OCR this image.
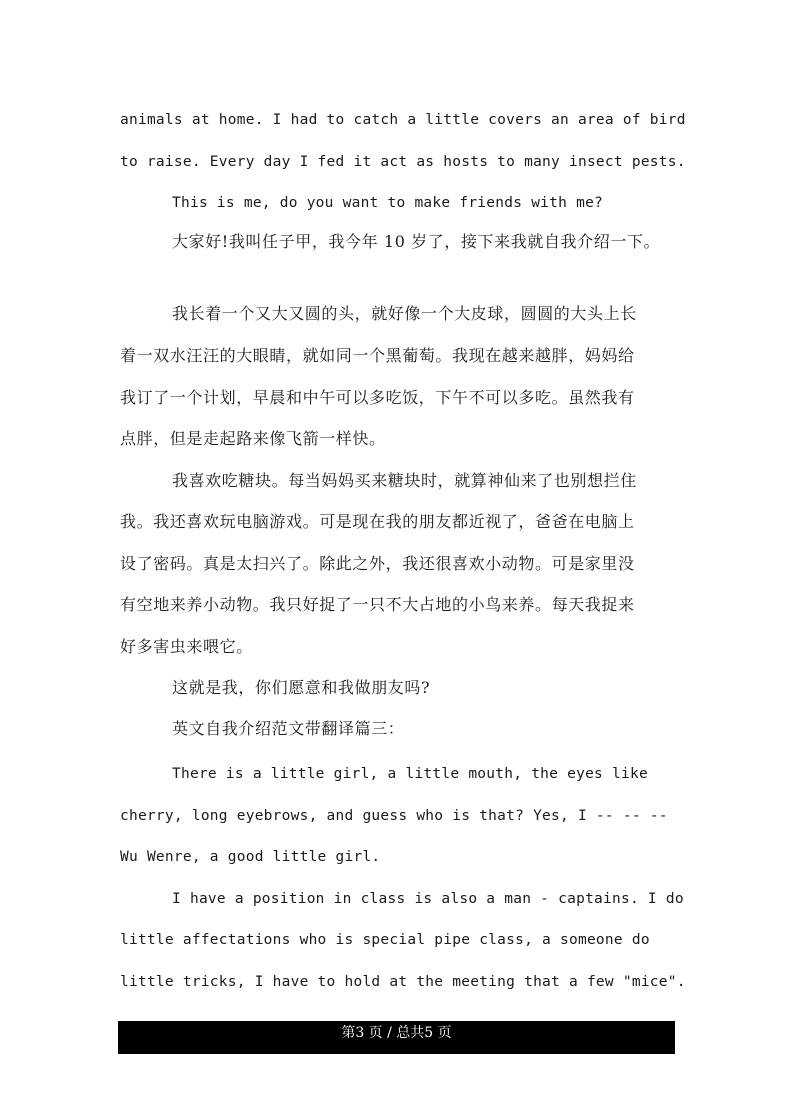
animals at home. I had to catch a little covers an area of bird
to raise. Every day I fed it act as hosts to many insect pests.
This is me, do you want to make friends with me?
大家好!我叫任子甲，我今年 10 岁了，接下来我就自我介绍一下。
我长着一个又大又圆的头，就好像一个大皮球，圆圆的大头上长
着一双水汪汪的大眼睛，就如同一个黑葡萄。我现在越来越胖，妈妈给
我订了一个计划，早晨和中午可以多吃饭，下午不可以多吃。虽然我有
点胖，但是走起路来像飞箭一样快。
我喜欢吃糖块。每当妈妈买来糖块时，就算神仙来了也别想拦住
我。我还喜欢玩电脑游戏。可是现在我的朋友都近视了，爸爸在电脑上
设了密码。真是太扫兴了。除此之外，我还很喜欢小动物。可是家里没
有空地来养小动物。我只好捉了一只不大占地的小鸟来养。每天我捉来
好多害虫来喂它。
这就是我，你们愿意和我做朋友吗?
英文自我介绍范文带翻译篇三：
There is a little girl, a little mouth, the eyes like
cherry, long eyebrows, and guess who is that? Yes, I -- -- --
Wu Wenre, a good little girl.
I have a position in class is also a man - captains. I do
little affectations who is special pipe class, a someone do
little tricks, I have to hold at the meeting that a few "mice".
第3 页 / 总共5 页
